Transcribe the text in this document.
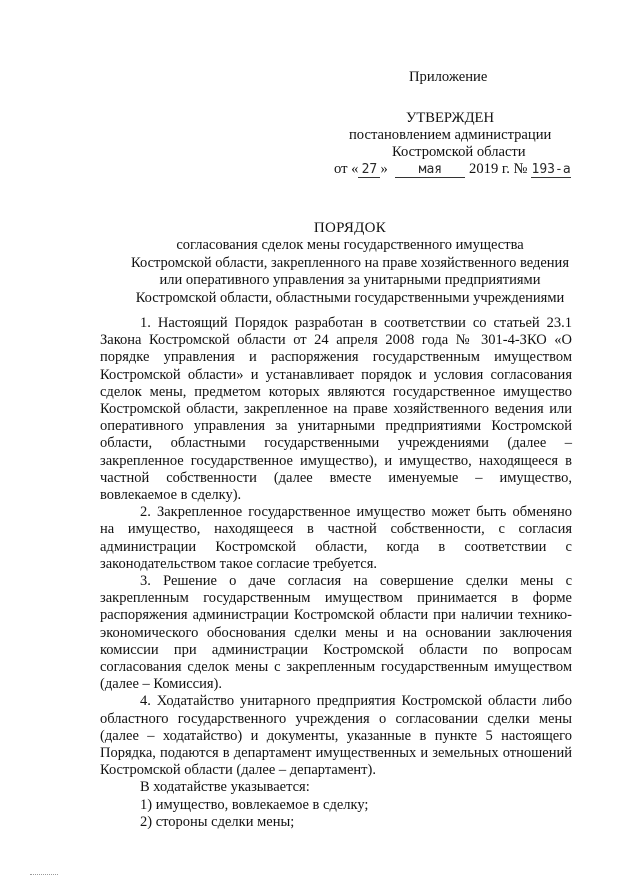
Приложение
УТВЕРЖДЕН
постановлением администрации
Костромской области
от « 27 » мая 2019 г. № 193-а
ПОРЯДОК
согласования сделок мены государственного имущества
Костромской области, закрепленного на праве хозяйственного ведения
или оперативного управления за унитарными предприятиями
Костромской области, областными государственными учреждениями

1. Настоящий Порядок разработан в соответствии со статьей 23.1 Закона Костромской области от 24 апреля 2008 года № 301-4-ЗКО «О порядке управления и распоряжения государственным имуществом Костромской области» и устанавливает порядок и условия согласования сделок мены, предметом которых являются государственное имущество Костромской области, закрепленное на праве хозяйственного ведения или оперативного управления за унитарными предприятиями Костромской области, областными государственными учреждениями (далее – закрепленное государственное имущество), и имущество, находящееся в частной собственности (далее вместе именуемые – имущество, вовлекаемое в сделку).

2. Закрепленное государственное имущество может быть обменяно на имущество, находящееся в частной собственности, с согласия администрации Костромской области, когда в соответствии с законодательством такое согласие требуется.

3. Решение о даче согласия на совершение сделки мены с закрепленным государственным имуществом принимается в форме распоряжения администрации Костромской области при наличии технико-экономического обоснования сделки мены и на основании заключения комиссии при администрации Костромской области по вопросам согласования сделок мены с закрепленным государственным имуществом (далее – Комиссия).

4. Ходатайство унитарного предприятия Костромской области либо областного государственного учреждения о согласовании сделки мены (далее – ходатайство) и документы, указанные в пункте 5 настоящего Порядка, подаются в департамент имущественных и земельных отношений Костромской области (далее – департамент).

В ходатайстве указывается:

1) имущество, вовлекаемое в сделку;

2) стороны сделки мены;
